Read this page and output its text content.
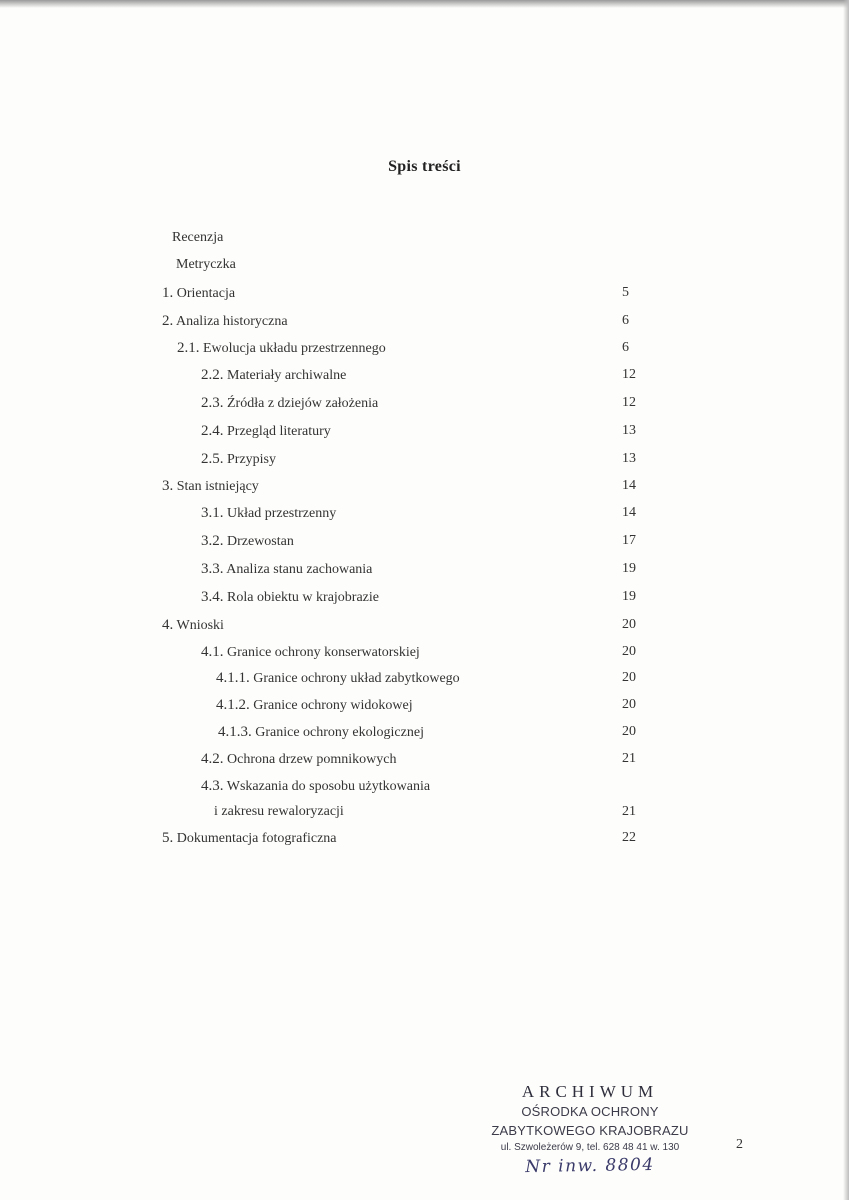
Spis treści
Recenzja
Metryczka
1. Orientacja	5
2. Analiza historyczna	6
2.1. Ewolucja układu przestrzennego	6
2.2. Materiały archiwalne	12
2.3. Źródła z dziejów założenia	12
2.4. Przegląd literatury	13
2.5. Przypisy	13
3. Stan istniejący	14
3.1. Układ przestrzenny	14
3.2. Drzewostan	17
3.3. Analiza stanu zachowania	19
3.4. Rola obiektu w krajobrazie	19
4. Wnioski	20
4.1. Granice ochrony konserwatorskiej	20
4.1.1. Granice ochrony układ zabytkowego	20
4.1.2. Granice ochrony widokowej	20
4.1.3. Granice ochrony ekologicznej	20
4.2. Ochrona drzew pomnikowych	21
4.3. Wskazania do sposobu użytkowania
i zakresu rewaloryzacji	21
5. Dokumentacja fotograficzna	22
ARCHIWUM
OŚRODKA OCHRONY
ZABYTKOWEGO KRAJOBRAZU
ul. Szwoleżerów 9, tel. 628 48 41 w. 130
Nr inw. 8804
2
